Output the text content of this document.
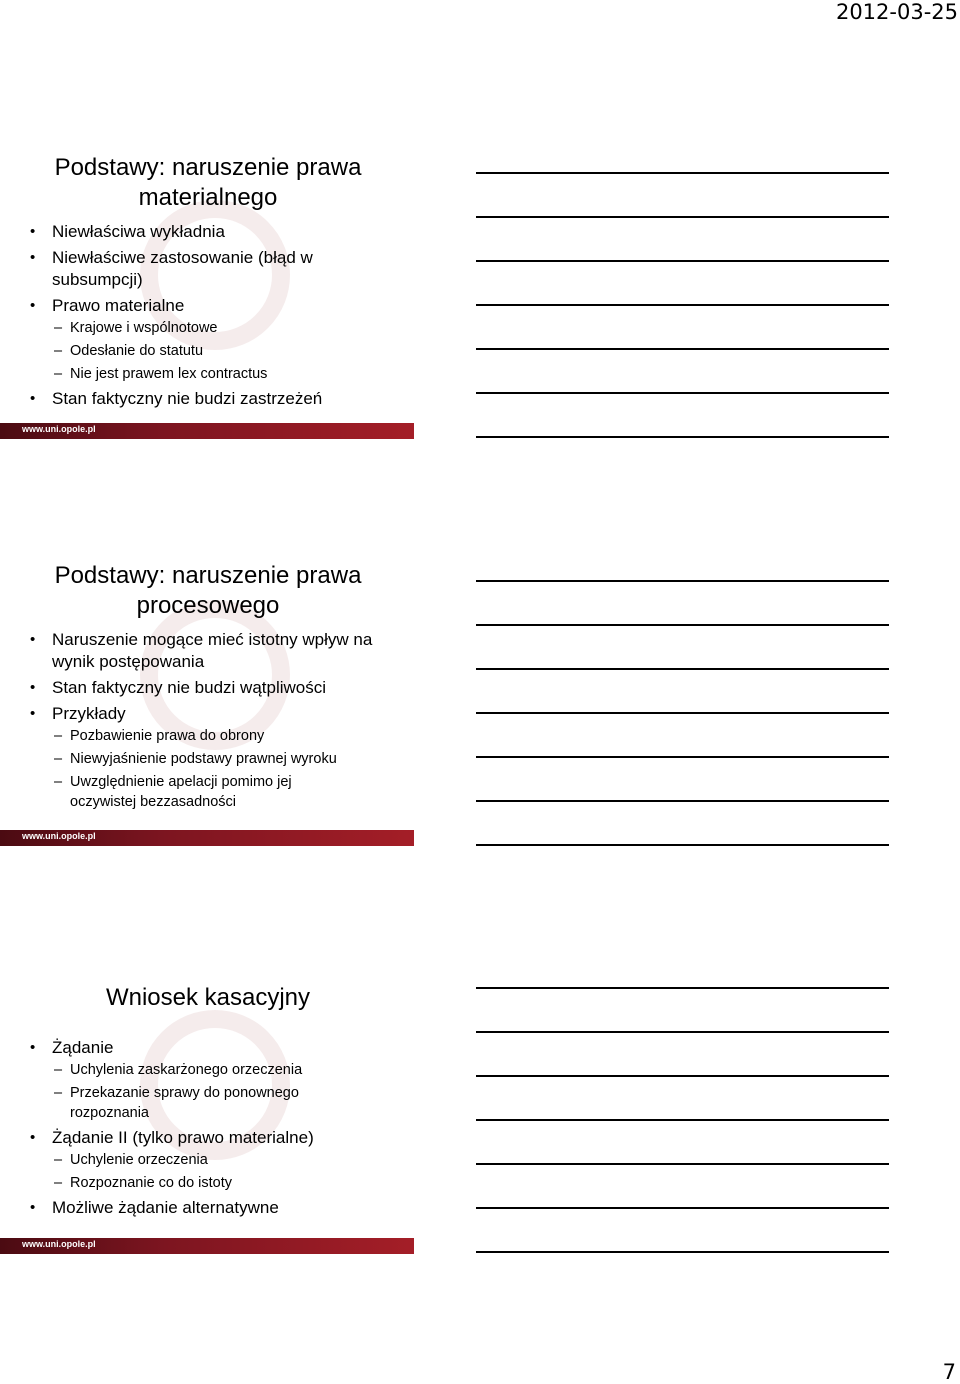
2012-03-25
Podstawy: naruszenie prawa materialnego
• Niewłaściwa wykładnia
• Niewłaściwe zastosowanie (błąd w subsumpcji)
• Prawo materialne
– Krajowe i wspólnotowe
– Odesłanie do statutu
– Nie jest prawem lex contractus
• Stan faktyczny nie budzi zastrzeżeń
www.uni.opole.pl
Podstawy: naruszenie prawa procesowego
• Naruszenie mogące mieć istotny wpływ na wynik postępowania
• Stan faktyczny nie budzi wątpliwości
• Przykłady
– Pozbawienie prawa do obrony
– Niewyjaśnienie podstawy prawnej wyroku
– Uwzględnienie apelacji pomimo jej oczywistej bezzasadności
www.uni.opole.pl
Wniosek kasacyjny
• Żądanie
– Uchylenia zaskarżonego orzeczenia
– Przekazanie sprawy do ponownego rozpoznania
• Żądanie II (tylko prawo materialne)
– Uchylenie orzeczenia
– Rozpoznanie co do istoty
• Możliwe żądanie alternatywne
www.uni.opole.pl
7
